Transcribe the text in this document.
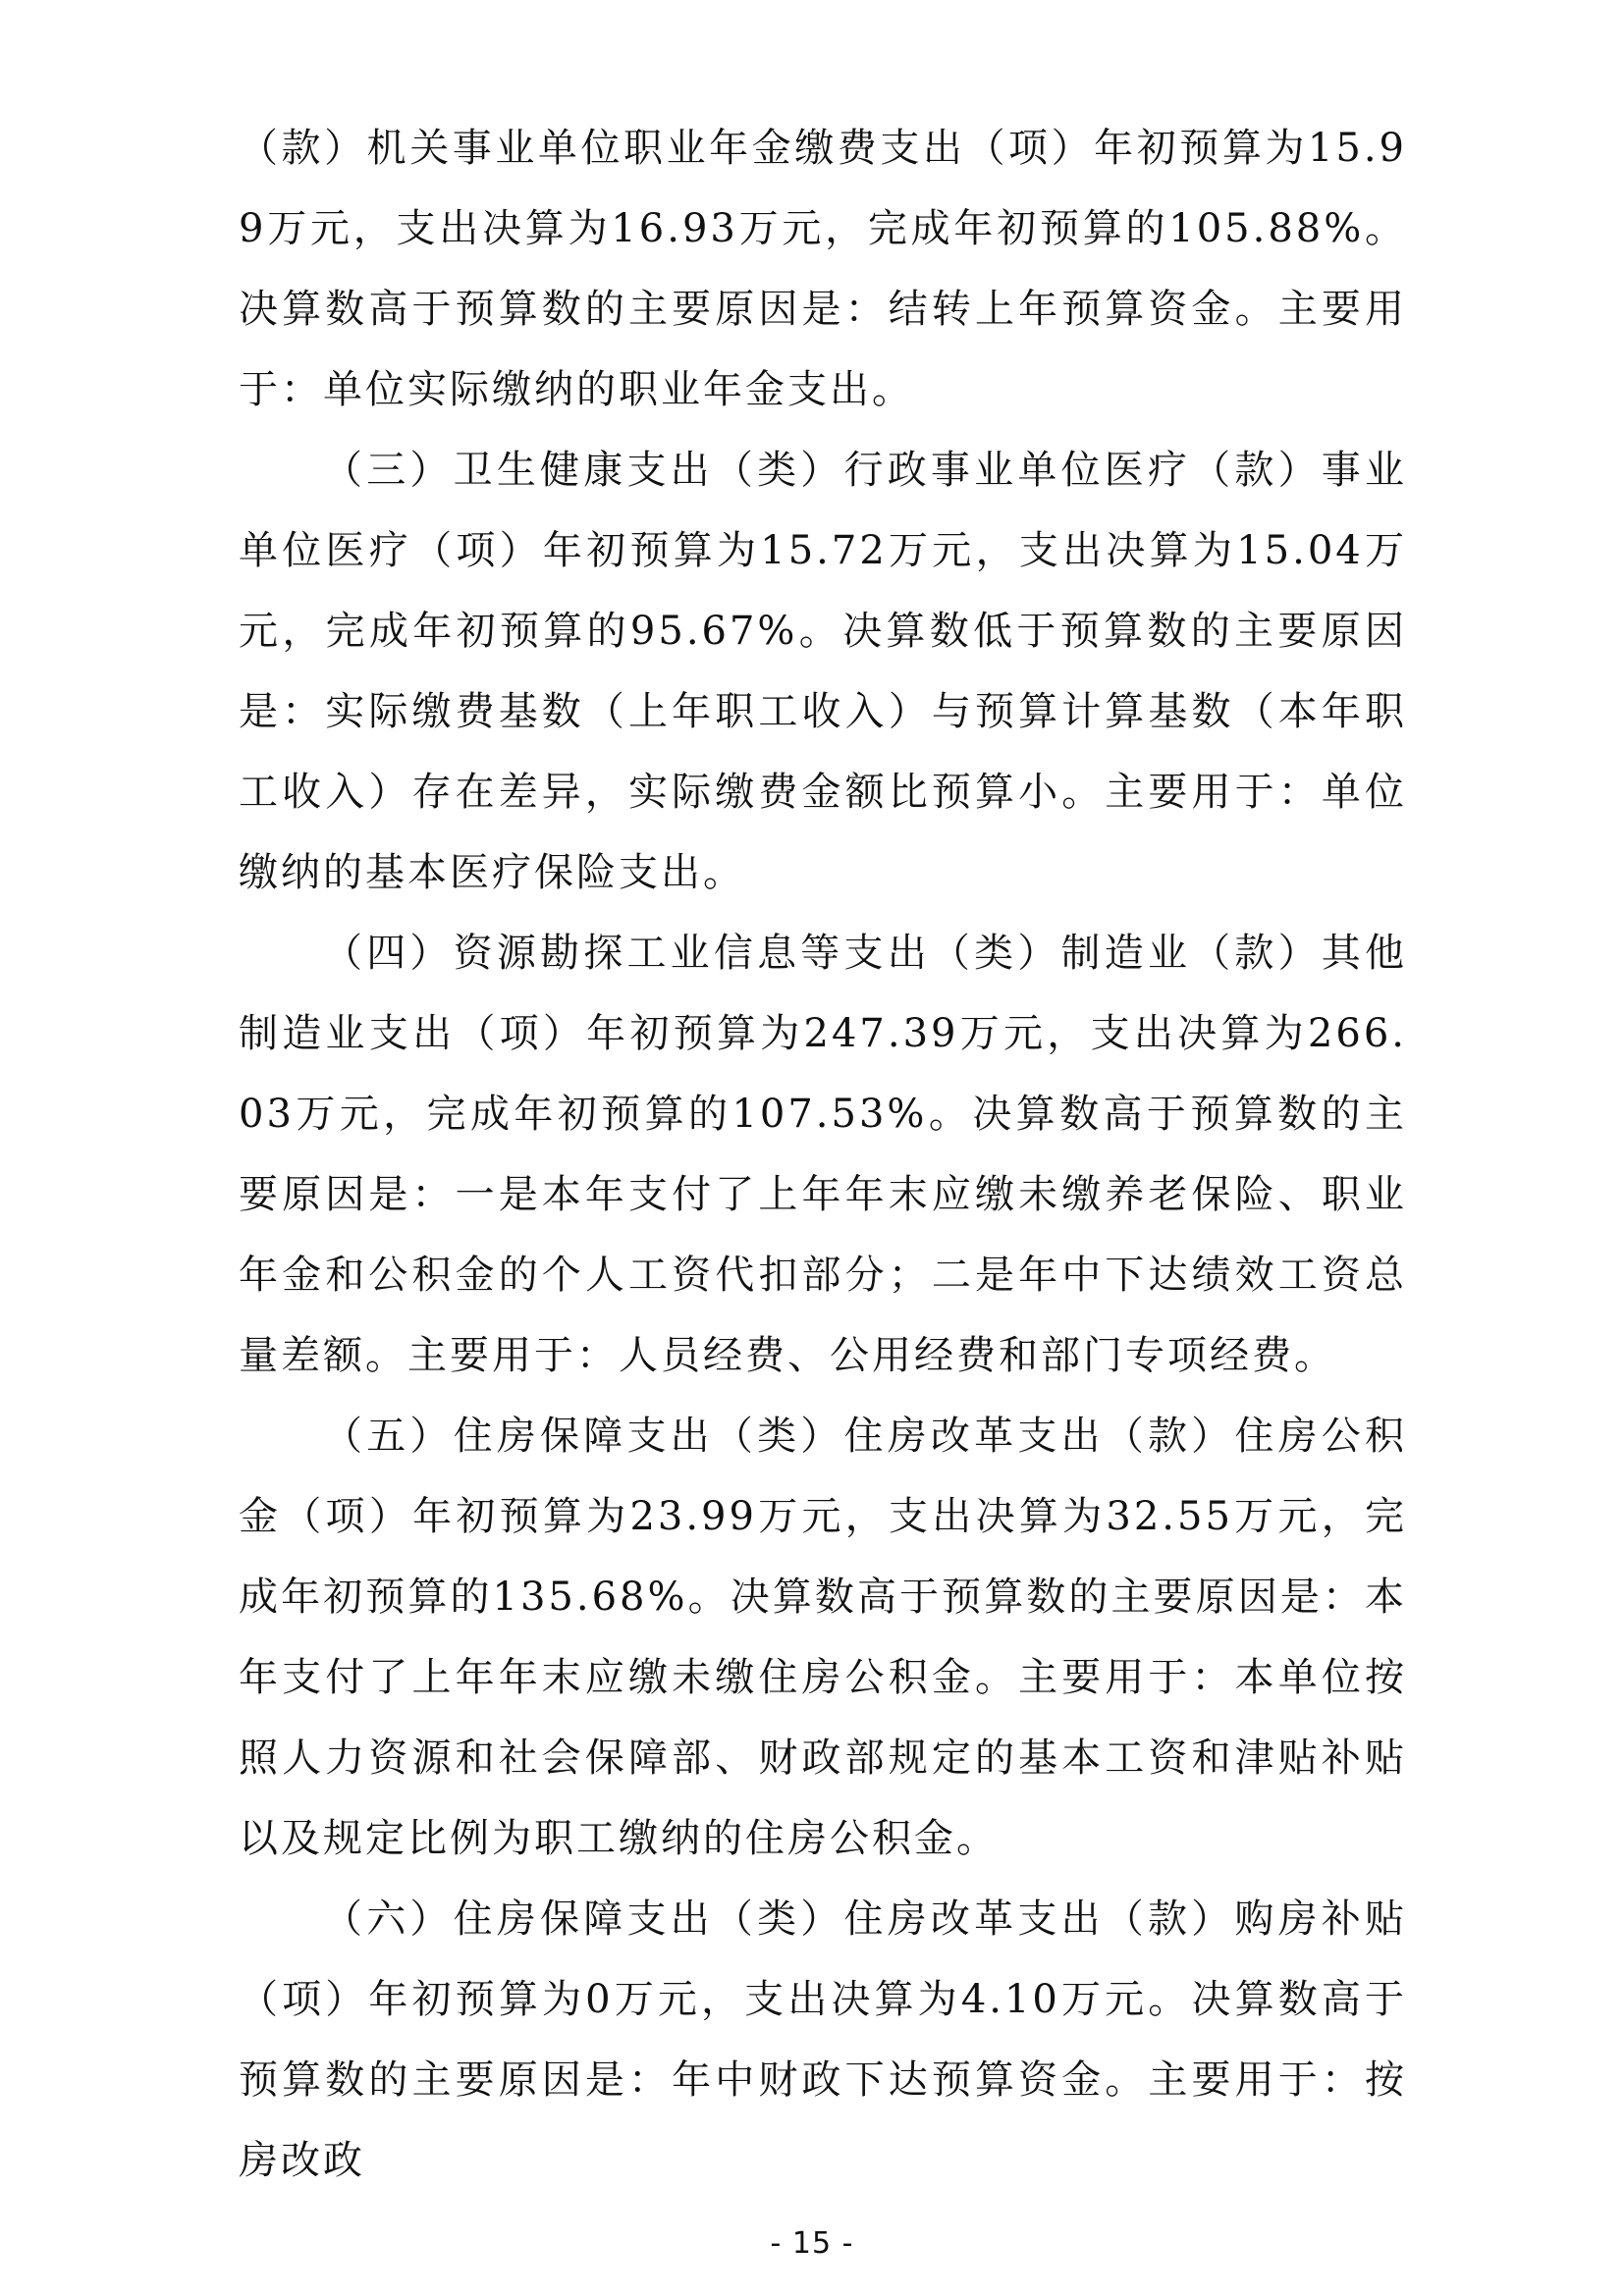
（款）机关事业单位职业年金缴费支出（项）年初预算为15.99万元，支出决算为16.93万元，完成年初预算的105.88%。决算数高于预算数的主要原因是：结转上年预算资金。主要用于：单位实际缴纳的职业年金支出。

（三）卫生健康支出（类）行政事业单位医疗（款）事业单位医疗（项）年初预算为15.72万元，支出决算为15.04万元，完成年初预算的95.67%。决算数低于预算数的主要原因是：实际缴费基数（上年职工收入）与预算计算基数（本年职工收入）存在差异，实际缴费金额比预算小。主要用于：单位缴纳的基本医疗保险支出。

（四）资源勘探工业信息等支出（类）制造业（款）其他制造业支出（项）年初预算为247.39万元，支出决算为266.03万元，完成年初预算的107.53%。决算数高于预算数的主要原因是：一是本年支付了上年年末应缴未缴养老保险、职业年金和公积金的个人工资代扣部分；二是年中下达绩效工资总量差额。主要用于：人员经费、公用经费和部门专项经费。

（五）住房保障支出（类）住房改革支出（款）住房公积金（项）年初预算为23.99万元，支出决算为32.55万元，完成年初预算的135.68%。决算数高于预算数的主要原因是：本年支付了上年年末应缴未缴住房公积金。主要用于：本单位按照人力资源和社会保障部、财政部规定的基本工资和津贴补贴以及规定比例为职工缴纳的住房公积金。

（六）住房保障支出（类）住房改革支出（款）购房补贴（项）年初预算为0万元，支出决算为4.10万元。决算数高于预算数的主要原因是：年中财政下达预算资金。主要用于：按房改政

- 15 -
